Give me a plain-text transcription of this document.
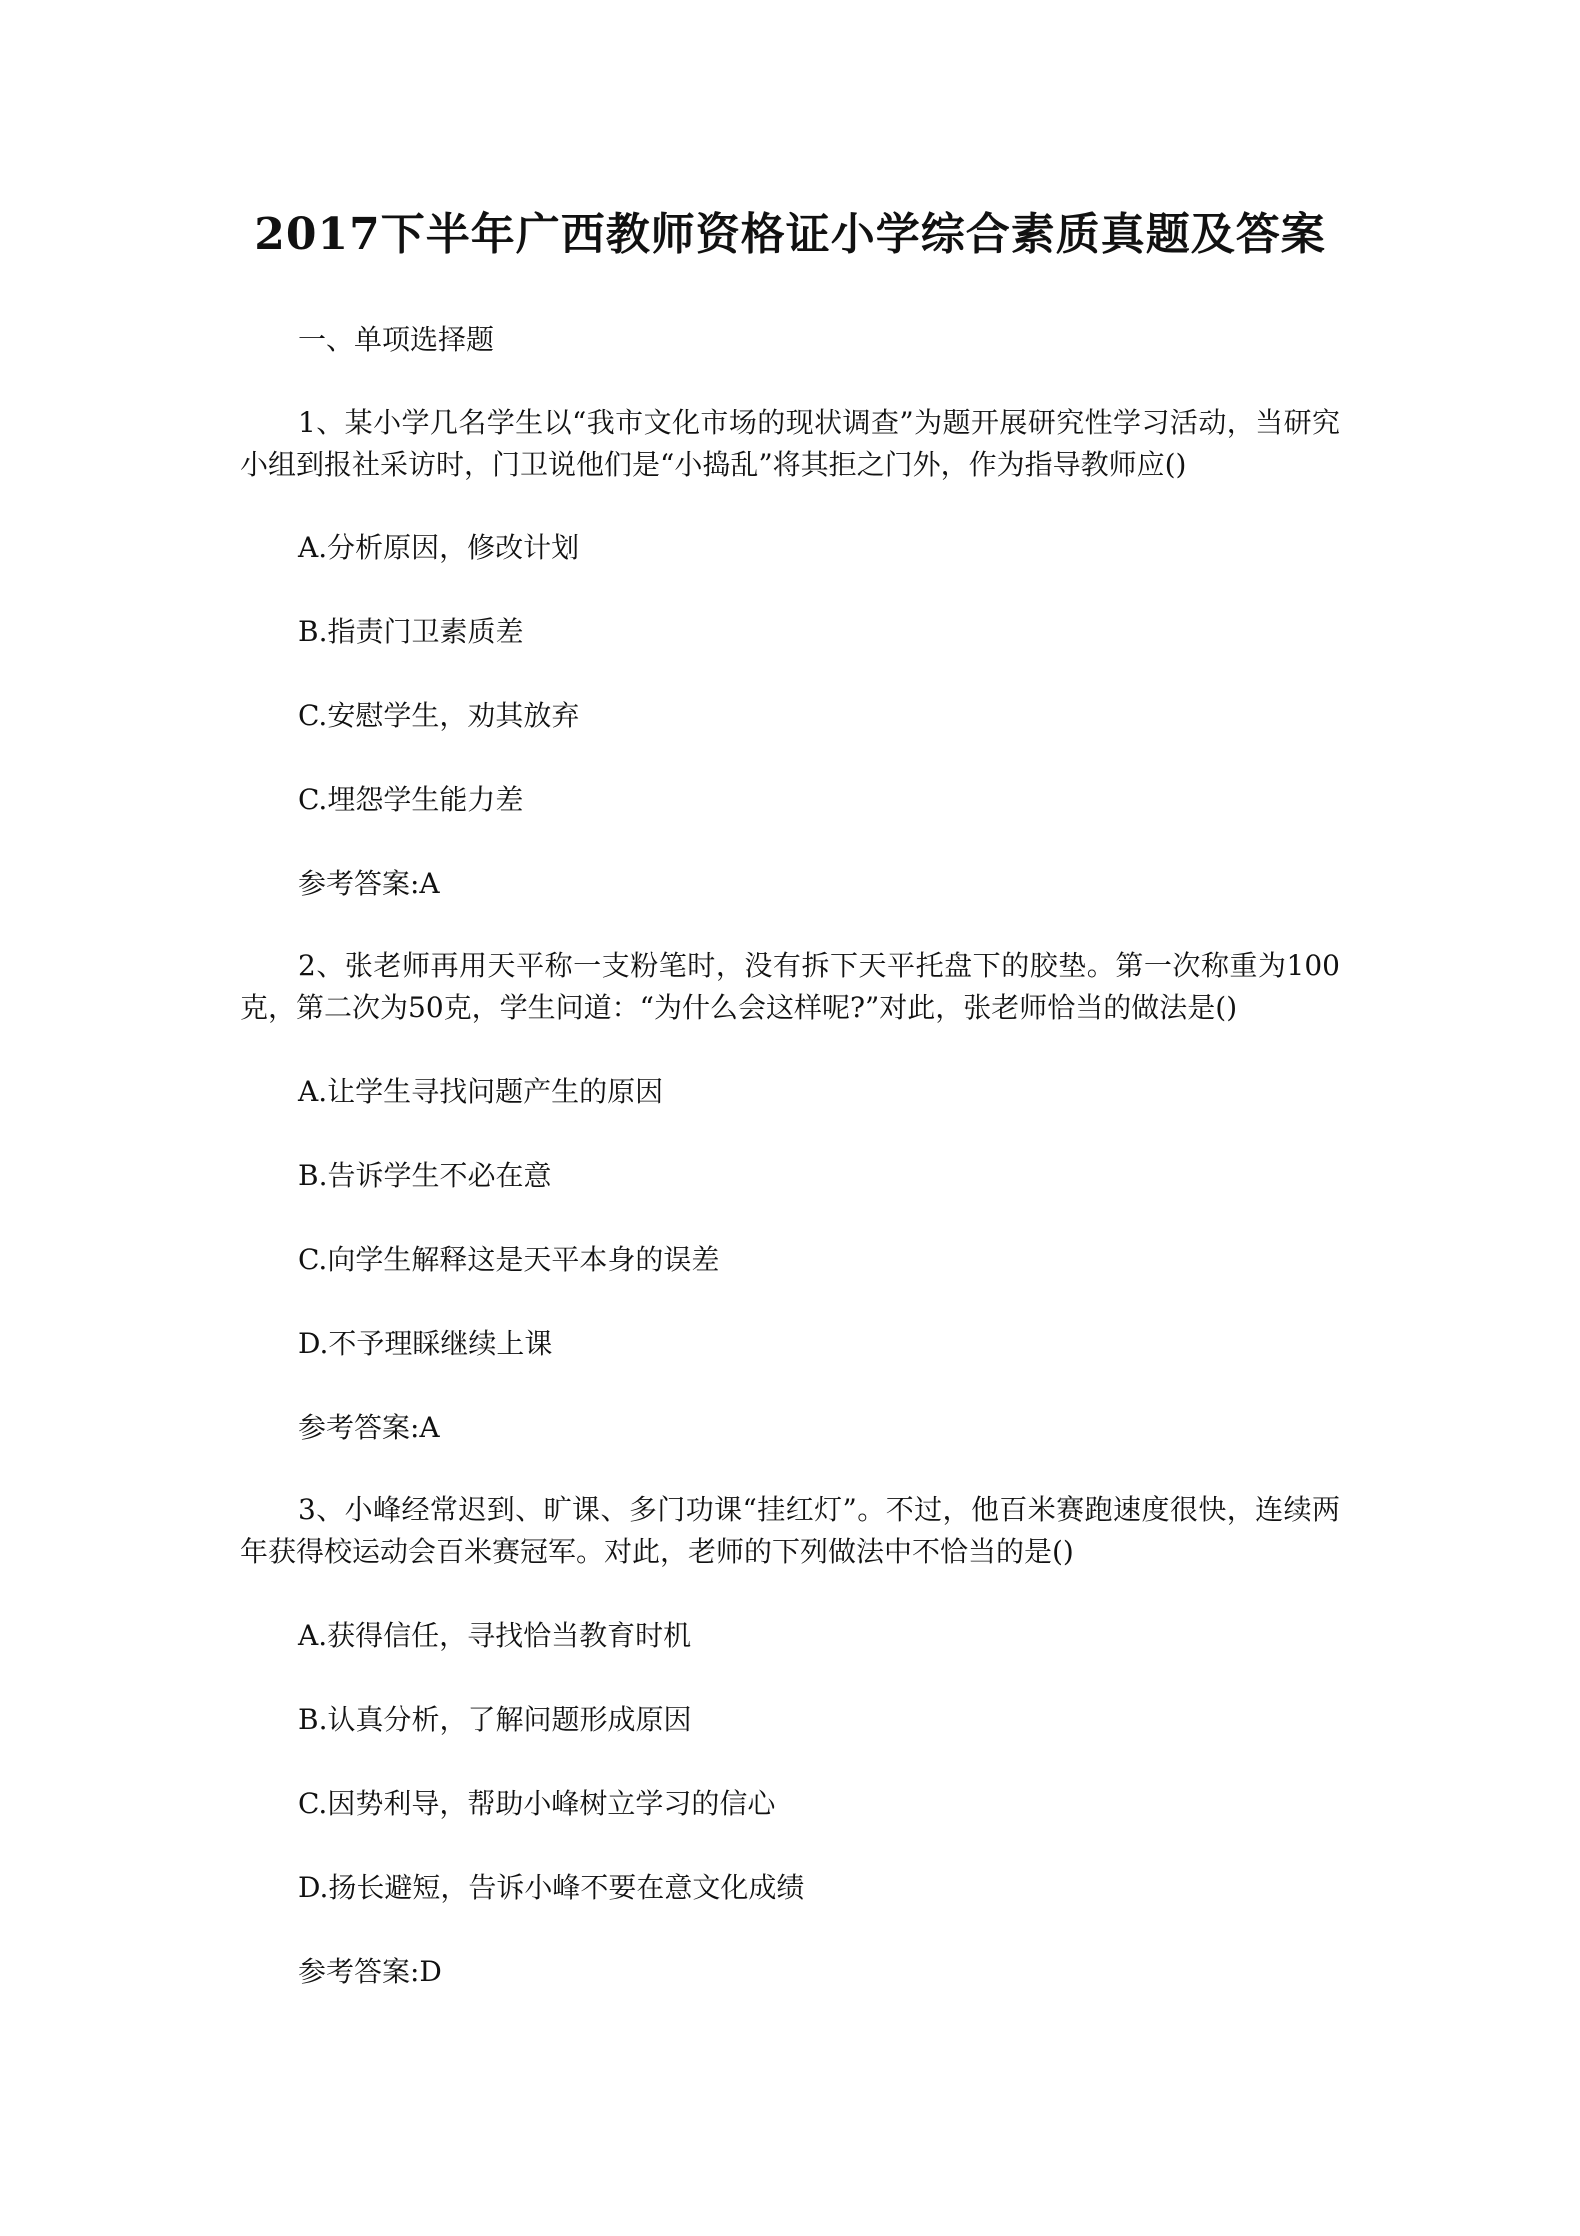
2017下半年广西教师资格证小学综合素质真题及答案
一、单项选择题
1、某小学几名学生以“我市文化市场的现状调查”为题开展研究性学习活动，当研究小组到报社采访时，门卫说他们是“小捣乱”将其拒之门外，作为指导教师应()
A.分析原因，修改计划
B.指责门卫素质差
C.安慰学生，劝其放弃
C.埋怨学生能力差
参考答案:A
2、张老师再用天平称一支粉笔时，没有拆下天平托盘下的胶垫。第一次称重为100克，第二次为50克，学生问道：“为什么会这样呢?”对此，张老师恰当的做法是()
A.让学生寻找问题产生的原因
B.告诉学生不必在意
C.向学生解释这是天平本身的误差
D.不予理睬继续上课
参考答案:A
3、小峰经常迟到、旷课、多门功课“挂红灯”。不过，他百米赛跑速度很快，连续两年获得校运动会百米赛冠军。对此，老师的下列做法中不恰当的是()
A.获得信任，寻找恰当教育时机
B.认真分析，了解问题形成原因
C.因势利导，帮助小峰树立学习的信心
D.扬长避短，告诉小峰不要在意文化成绩
参考答案:D
